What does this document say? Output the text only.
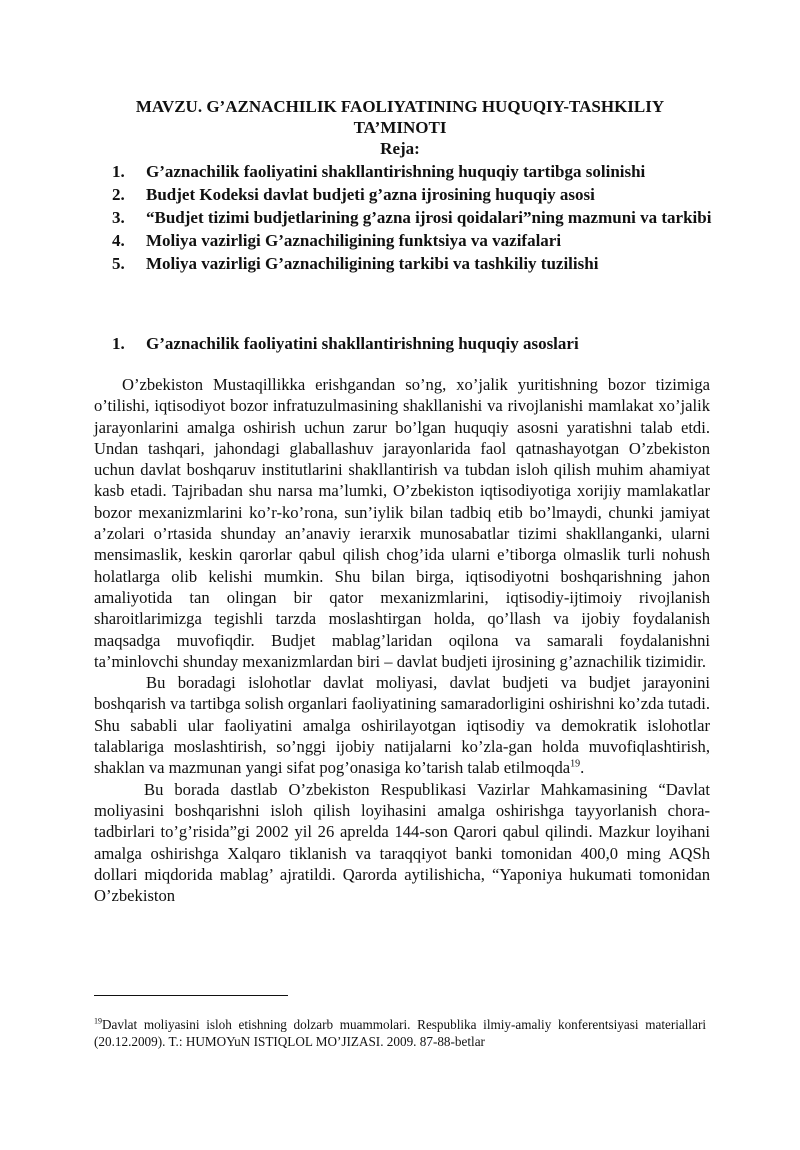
MAVZU. G’AZNACHILIK FAOLIYATINING HUQUQIY-TASHKILIY TA’MINOTI
Reja:
1.	G’aznachilik faoliyatini shakllantirishning huquqiy tartibga solinishi
2.	Budjet Kodeksi davlat budjeti g’azna ijrosining huquqiy asosi
3.	“Budjet tizimi budjetlarining g’azna ijrosi qoidalari”ning mazmuni va tarkibi
4.	Moliya vazirligi G’aznachiligining funktsiya va vazifalari
5.	Moliya vazirligi G’aznachiligining tarkibi va tashkiliy tuzilishi
1.	G’aznachilik faoliyatini shakllantirishning huquqiy asoslari

O’zbekiston Mustaqillikka erishgandan so’ng, xo’jalik yuritishning bozor tizimiga o’tilishi, iqtisodiyot bozor infratuzulmasining shakllanishi va rivojlanishi mamlakat xo’jalik jarayonlarini amalga oshirish uchun zarur bo’lgan huquqiy asosni yaratishni talab etdi. Undan tashqari, jahondagi glaballashuv jarayonlarida faol qatnashayotgan O’zbekiston uchun davlat boshqaruv institutlarini shakllantirish va tubdan isloh qilish muhim ahamiyat kasb etadi. Tajribadan shu narsa ma’lumki, O’zbekiston iqtisodiyotiga xorijiy mamlakatlar bozor mexanizmlarini ko’r-ko’rona, sun’iylik bilan tadbiq etib bo’lmaydi, chunki jamiyat a’zolari o’rtasida shunday an’anaviy ierarxik munosabatlar tizimi shakllanganki, ularni mensimaslik, keskin qarorlar qabul qilish chog’ida ularni e’tiborga olmaslik turli nohush holatlarga olib kelishi mumkin. Shu bilan birga, iqtisodiyotni boshqarishning jahon amaliyotida tan olingan bir qator mexanizmlarini, iqtisodiy-ijtimoiy rivojlanish sharoitlarimizga tegishli tarzda moslashtirgan holda, qo’llash va ijobiy foydalanish maqsadga muvofiqdir. Budjet mablag’laridan oqilona va samarali foydalanishni ta’minlovchi shunday mexanizmlardan biri – davlat budjeti ijrosining g’aznachilik tizimidir.

Bu boradagi islohotlar davlat moliyasi, davlat budjeti va budjet jarayonini boshqarish va tartibga solish organlari faoliyatining samaradorligini oshirishni ko’zda tutadi. Shu sababli ular faoliyatini amalga oshirilayotgan iqtisodiy va demokratik islohotlar talablariga moslashtirish, so’nggi ijobiy natijalarni ko’zla-gan holda muvofiqlashtirish, shaklan va mazmunan yangi sifat pog’onasiga ko’tarish talab etilmoqda$^{19}$.

Bu borada dastlab O’zbekiston Respublikasi Vazirlar Mahkamasining “Davlat moliyasini boshqarishni isloh qilish loyihasini amalga oshirishga tayyorlanish chora-tadbirlari to’g’risida”gi 2002 yil 26 aprelda 144-son Qarori qabul qilindi. Mazkur loyihani amalga oshirishga Xalqaro tiklanish va taraqqiyot banki tomonidan 400,0 ming AQSh dollari miqdorida mablag’ ajratildi. Qarorda aytilishicha, “Yaponiya hukumati tomonidan O’zbekiston

$^{19}$Davlat moliyasini isloh etishning dolzarb muammolari. Respublika ilmiy-amaliy konferentsiyasi materiallari (20.12.2009). T.: HUMOYuN ISTIQLOL MO’JIZASI. 2009. 87-88-betlar
